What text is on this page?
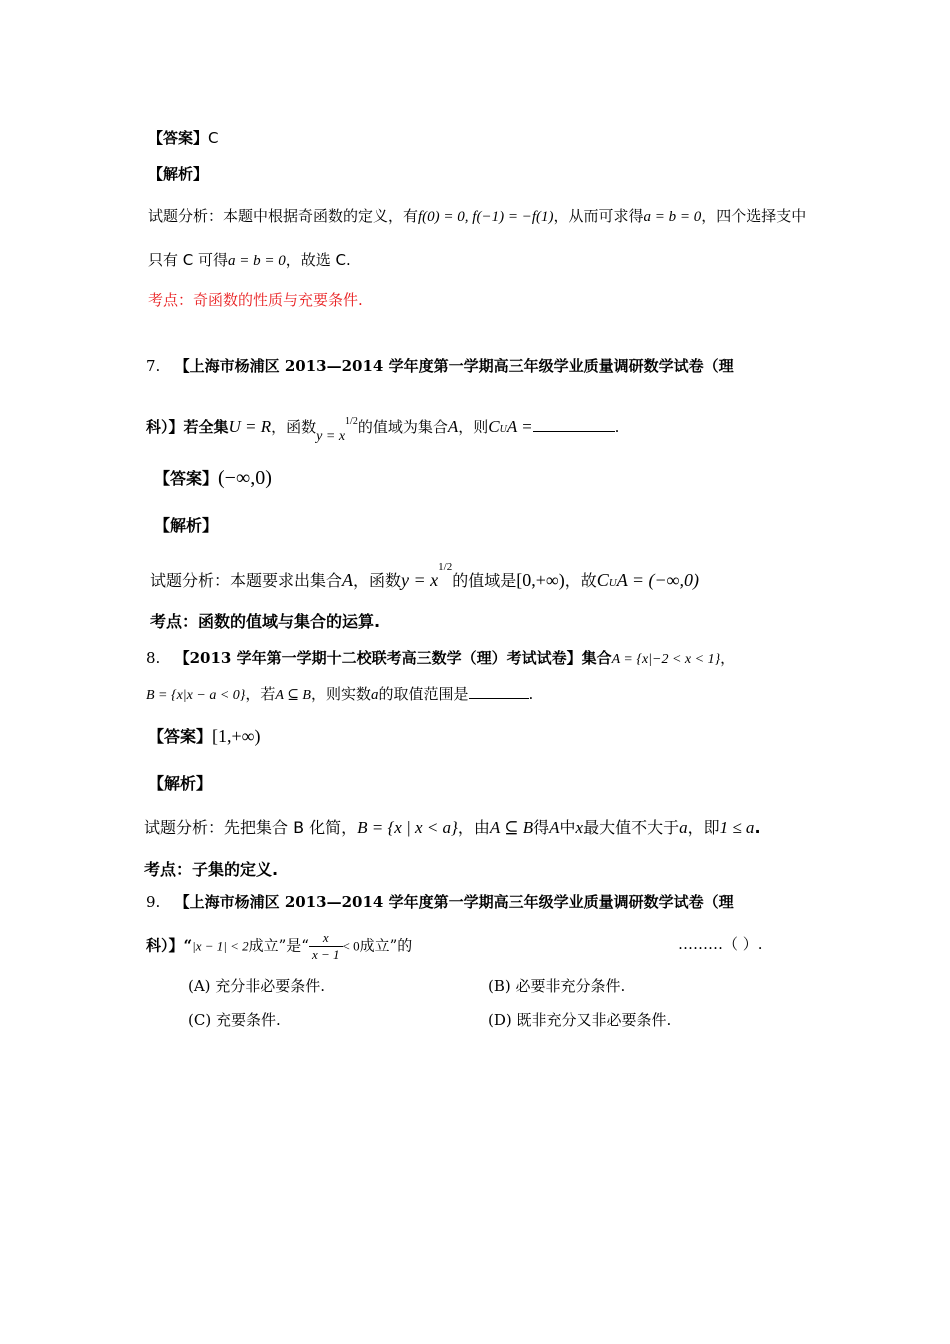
【答案】C
【解析】
试题分析：本题中根据奇函数的定义，有f(0) = 0, f(−1) = −f(1)，从而可求得a = b = 0，四个选择支中
只有 C 可得a = b = 0，故选 C.
考点：奇函数的性质与充要条件.
7. 【上海市杨浦区 2013—2014 学年度第一学期高三年级学业质量调研数学试卷（理
科）】若全集U = R，函数$y = x^{1/2}$的值域为集合A，则CUA =	.
【答案】(−∞,0)
【解析】
试题分析：本题要求出集合A，函数$y = x^{1/2}$的值域是[0,+∞)，故CUA = (−∞,0)
考点：函数的值域与集合的运算.
8. 【2013 学年第一学期十二校联考高三数学（理）考试试卷】集合A = {x|−2 < x < 1}，
B = {x|x − a < 0}，若A ⊆ B，则实数a的取值范围是	.
【答案】[1,+∞)
【解析】
试题分析：先把集合 B 化简，B = {x | x < a}，由A ⊆ B得A中x最大值不大于a，即1 ≤ a.
考点：子集的定义.
9. 【上海市杨浦区 2013—2014 学年度第一学期高三年级学业质量调研数学试卷（理
科）】“|x − 1| < 2成立”是“ $\frac{x}{x - 1} < 0$成立”的	………（ ）.
(A) 充分非必要条件.	(B) 必要非充分条件.
(C) 充要条件.	(D) 既非充分又非必要条件.
